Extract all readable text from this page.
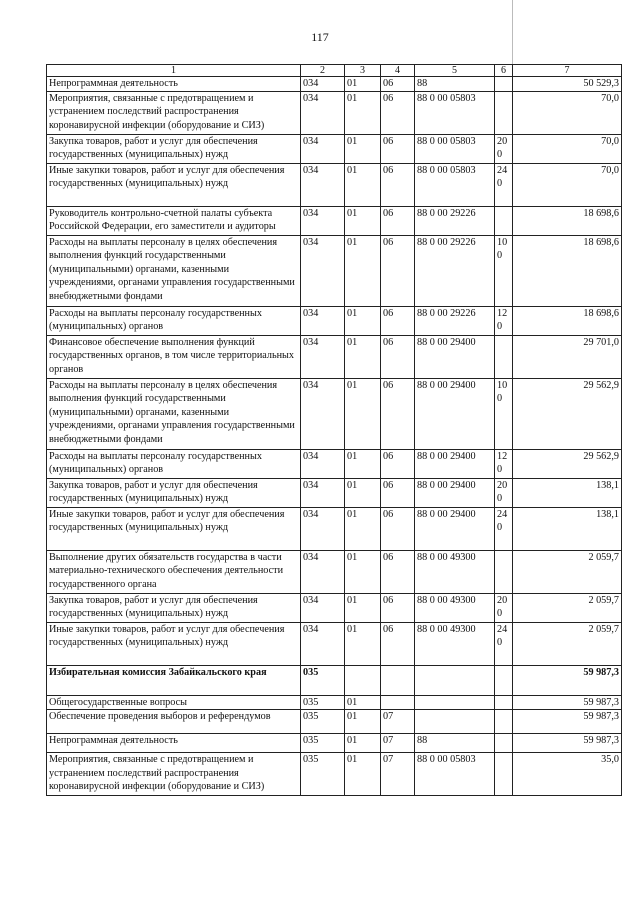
117
1	2	3	4	5	6	7
Непрограммная деятельность	034	01	06	88		50 529,3
Мероприятия, связанные с предотвращением и устранением последствий распространения коронавирусной инфекции (оборудование и СИЗ)	034	01	06	88 0 00 05803		70,0
Закупка товаров, работ и услуг для обеспечения государственных (муниципальных) нужд	034	01	06	88 0 00 05803	200	70,0
Иные закупки товаров, работ и услуг для обеспечения государственных (муниципальных) нужд	034	01	06	88 0 00 05803	240	70,0
Руководитель контрольно-счетной палаты субъекта Российской Федерации, его заместители и аудиторы	034	01	06	88 0 00 29226		18 698,6
Расходы на выплаты персоналу в целях обеспечения выполнения функций государственными (муниципальными) органами, казенными учреждениями, органами управления государственными внебюджетными фондами	034	01	06	88 0 00 29226	100	18 698,6
Расходы на выплаты персоналу государственных (муниципальных) органов	034	01	06	88 0 00 29226	120	18 698,6
Финансовое обеспечение выполнения функций государственных органов, в том числе территориальных органов	034	01	06	88 0 00 29400		29 701,0
Расходы на выплаты персоналу в целях обеспечения выполнения функций государственными (муниципальными) органами, казенными учреждениями, органами управления государственными внебюджетными фондами	034	01	06	88 0 00 29400	100	29 562,9
Расходы на выплаты персоналу государственных (муниципальных) органов	034	01	06	88 0 00 29400	120	29 562,9
Закупка товаров, работ и услуг для обеспечения государственных (муниципальных) нужд	034	01	06	88 0 00 29400	200	138,1
Иные закупки товаров, работ и услуг для обеспечения государственных (муниципальных) нужд	034	01	06	88 0 00 29400	240	138,1
Выполнение других обязательств государства в части материально-технического обеспечения деятельности государственного органа	034	01	06	88 0 00 49300		2 059,7
Закупка товаров, работ и услуг для обеспечения государственных (муниципальных) нужд	034	01	06	88 0 00 49300	200	2 059,7
Иные закупки товаров, работ и услуг для обеспечения государственных (муниципальных) нужд	034	01	06	88 0 00 49300	240	2 059,7
Избирательная комиссия Забайкальского края	035					59 987,3
Общегосударственные вопросы	035	01				59 987,3
Обеспечение проведения выборов и референдумов	035	01	07			59 987,3
Непрограммная деятельность	035	01	07	88		59 987,3
Мероприятия, связанные с предотвращением и устранением последствий распространения коронавирусной инфекции (оборудование и СИЗ)	035	01	07	88 0 00 05803		35,0
